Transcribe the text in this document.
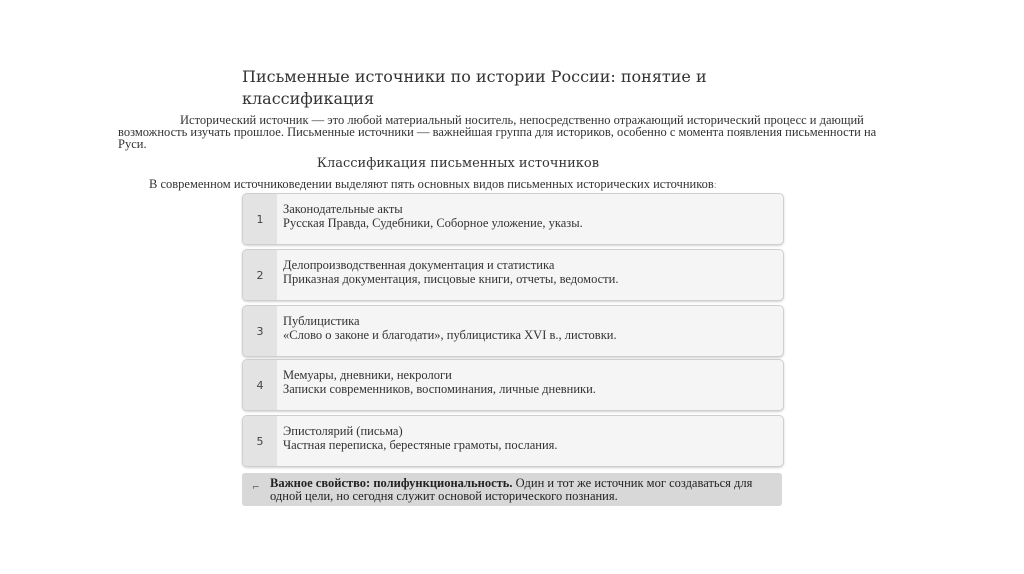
Письменные источники по истории России: понятие и классификация
Исторический источник — это любой материальный носитель, непосредственно отражающий исторический процесс и дающий возможность изучать прошлое. Письменные источники — важнейшая группа для историков, особенно с момента появления письменности на Руси.
Классификация письменных источников
В современном источниковедении выделяют пять основных видов письменных исторических источников:
1
Законодательные акты
Русская Правда, Судебники, Соборное уложение, указы.
2
Делопроизводственная документация и статистика
Приказная документация, писцовые книги, отчеты, ведомости.
3
Публицистика
«Слово о законе и благодати», публицистика XVI в., листовки.
4
Мемуары, дневники, некрологи
Записки современников, воспоминания, личные дневники.
5
Эпистолярий (письма)
Частная переписка, берестяные грамоты, послания.
⌐ Важное свойство: полифункциональность. Один и тот же источник мог создаваться для одной цели, но сегодня служит основой исторического познания.
